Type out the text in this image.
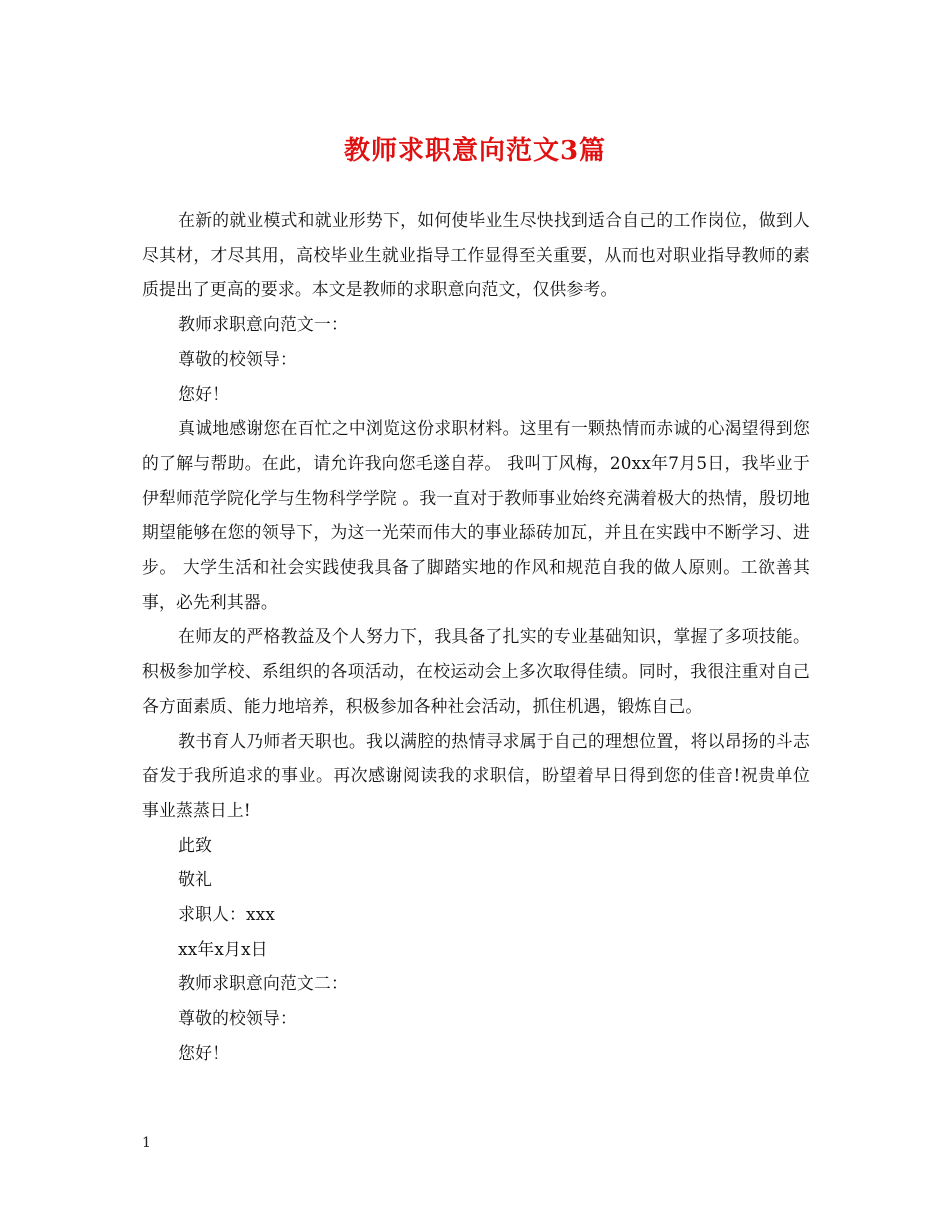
教师求职意向范文3篇

在新的就业模式和就业形势下，如何使毕业生尽快找到适合自己的工作岗位，做到人尽其材，才尽其用，高校毕业生就业指导工作显得至关重要，从而也对职业指导教师的素质提出了更高的要求。本文是教师的求职意向范文，仅供参考。

教师求职意向范文一：

尊敬的校领导：

您好！

真诚地感谢您在百忙之中浏览这份求职材料。这里有一颗热情而赤诚的心渴望得到您的了解与帮助。在此，请允许我向您毛遂自荐。 我叫丁风梅，20xx年7月5日，我毕业于伊犁师范学院化学与生物科学学院 。我一直对于教师事业始终充满着极大的热情，殷切地期望能够在您的领导下，为这一光荣而伟大的事业舔砖加瓦，并且在实践中不断学习、进步。 大学生活和社会实践使我具备了脚踏实地的作风和规范自我的做人原则。工欲善其事，必先利其器。

在师友的严格教益及个人努力下，我具备了扎实的专业基础知识，掌握了多项技能。积极参加学校、系组织的各项活动，在校运动会上多次取得佳绩。同时，我很注重对自己各方面素质、能力地培养，积极参加各种社会活动，抓住机遇，锻炼自己。

教书育人乃师者天职也。我以满腔的热情寻求属于自己的理想位置，将以昂扬的斗志奋发于我所追求的事业。再次感谢阅读我的求职信，盼望着早日得到您的佳音!祝贵单位事业蒸蒸日上!

此致

敬礼

求职人：xxx

xx年x月x日

教师求职意向范文二：

尊敬的校领导：

您好！

1
